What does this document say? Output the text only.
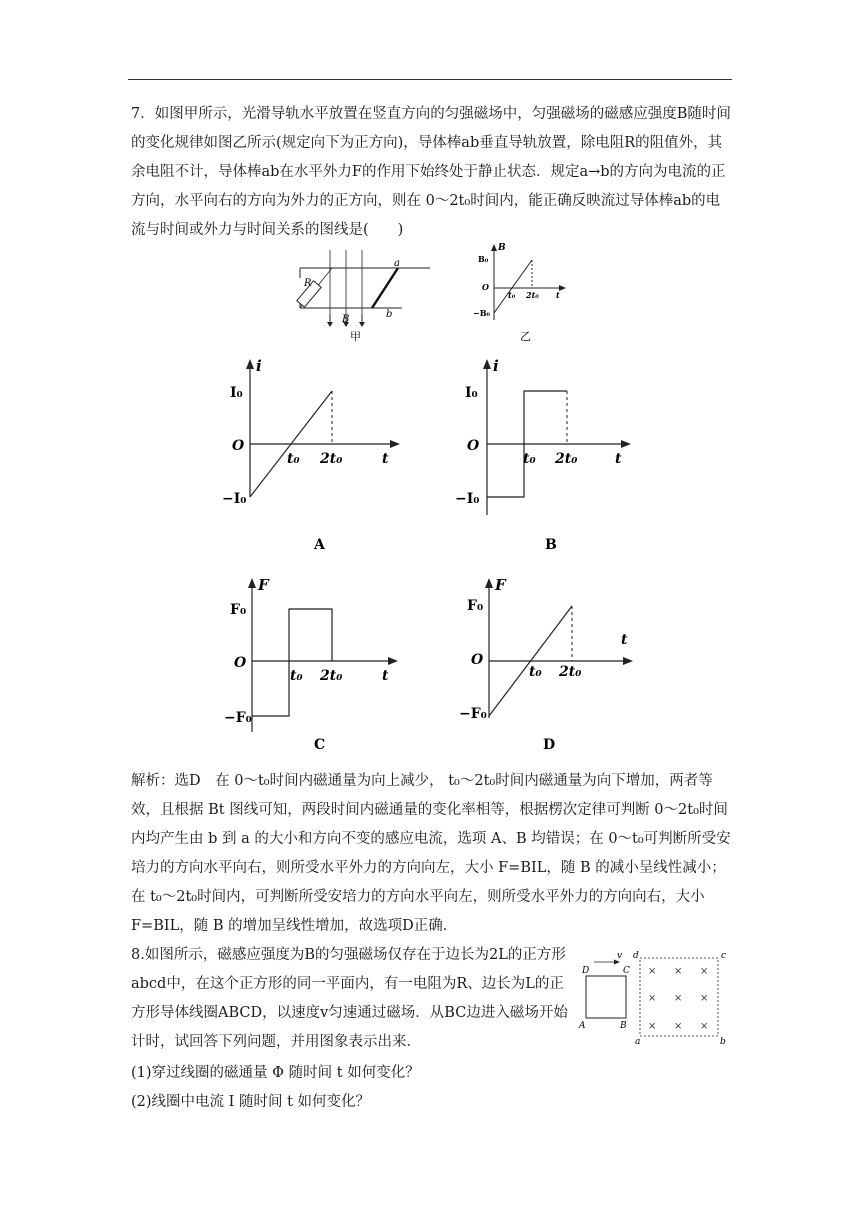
7．如图甲所示，光滑导轨水平放置在竖直方向的匀强磁场中，匀强磁场的磁感应强度B随时间的变化规律如图乙所示(规定向下为正方向)，导体棒ab垂直导轨放置，除电阻R的阻值外，其余电阻不计，导体棒ab在水平外力F的作用下始终处于静止状态．规定a→b的方向为电流的正方向，水平向右的方向为外力的正方向，则在 0～2t₀时间内，能正确反映流过导体棒ab的电流与时间或外力与时间关系的图线是(　　)
R
a
b
B
甲
B
B₀
O
−B₀
t₀ 2t₀ t
乙
i
I₀
O
−I₀
t₀ 2t₀	t
A
i
I₀
O
−I₀
t₀ 2t₀	t
B
F
F₀
O
−F₀
t₀ 2t₀	t
C
F
F₀
O
−F₀
t₀ 2t₀
t
D
解析：选D　在 0～t₀时间内磁通量为向上减少， t₀～2t₀时间内磁通量为向下增加，两者等效，且根据 Bt 图线可知，两段时间内磁通量的变化率相等，根据楞次定律可判断 0～2t₀时间内均产生由 b 到 a 的大小和方向不变的感应电流，选项 A、B 均错误；在 0～t₀可判断所受安培力的方向水平向右，则所受水平外力的方向向左，大小 F=BIL，随 B 的减小呈线性减小；在 t₀～2t₀时间内，可判断所受安培力的方向水平向左，则所受水平外力的方向向右，大小 F=BIL，随 B 的增加呈线性增加，故选项D正确．
8.如图所示，磁感应强度为B的匀强磁场仅存在于边长为2L的正方形abcd中，在这个正方形的同一平面内，有一电阻为R、边长为L的正方形导体线圈ABCD，以速度v匀速通过磁场．从BC边进入磁场开始计时，试回答下列问题，并用图象表示出来．
v
D	C
A	B
d	c
a	b
× × ×
× × ×
× × ×
(1)穿过线圈的磁通量 Φ 随时间 t 如何变化？
(2)线圈中电流 I 随时间 t 如何变化？
